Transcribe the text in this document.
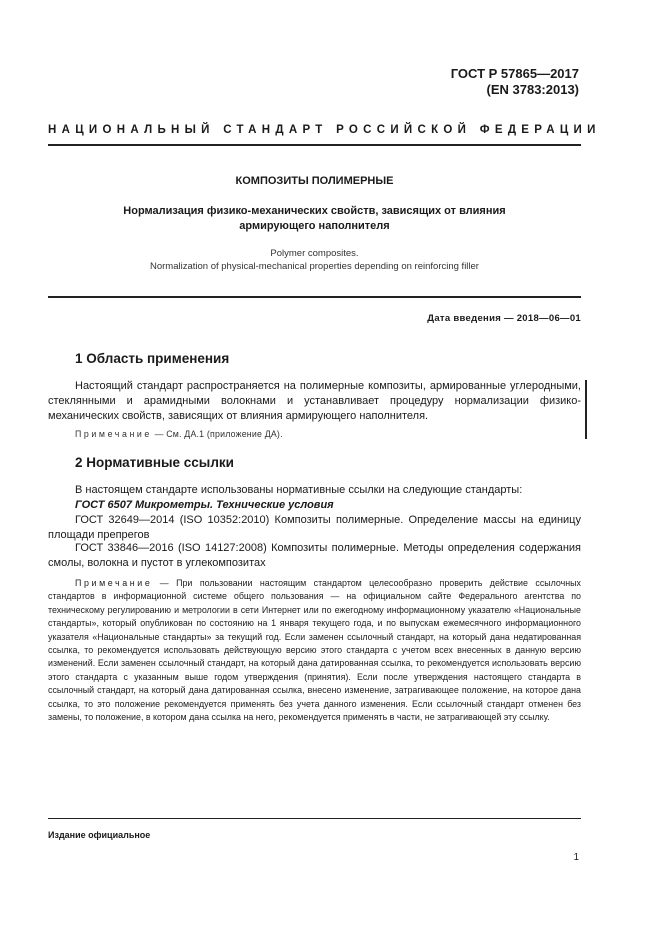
ГОСТ Р 57865—2017
(EN 3783:2013)
НАЦИОНАЛЬНЫЙ СТАНДАРТ РОССИЙСКОЙ ФЕДЕРАЦИИ
КОМПОЗИТЫ ПОЛИМЕРНЫЕ
Нормализация физико-механических свойств, зависящих от влияния
армирующего наполнителя
Polymer composites.
Normalization of physical-mechanical properties depending on reinforcing filler
Дата введения — 2018—06—01
1 Область применения
Настоящий стандарт распространяется на полимерные композиты, армированные углеродными, стеклянными и арамидными волокнами и устанавливает процедуру нормализации физико-механических свойств, зависящих от влияния армирующего наполнителя.
Примечание — См. ДА.1 (приложение ДА).
2 Нормативные ссылки
В настоящем стандарте использованы нормативные ссылки на следующие стандарты:
ГОСТ 6507 Микрометры. Технические условия
ГОСТ 32649—2014 (ISO 10352:2010) Композиты полимерные. Определение массы на единицу площади препрегов
ГОСТ 33846—2016 (ISO 14127:2008) Композиты полимерные. Методы определения содержания смолы, волокна и пустот в углекомпозитах
Примечание — При пользовании настоящим стандартом целесообразно проверить действие ссылочных стандартов в информационной системе общего пользования — на официальном сайте Федерального агентства по техническому регулированию и метрологии в сети Интернет или по ежегодному информационному указателю «Национальные стандарты», который опубликован по состоянию на 1 января текущего года, и по выпускам ежемесячного информационного указателя «Национальные стандарты» за текущий год. Если заменен ссылочный стандарт, на который дана недатированная ссылка, то рекомендуется использовать действующую версию этого стандарта с учетом всех внесенных в данную версию изменений. Если заменен ссылочный стандарт, на который дана датированная ссылка, то рекомендуется использовать версию этого стандарта с указанным выше годом утверждения (принятия). Если после утверждения настоящего стандарта в ссылочный стандарт, на который дана датированная ссылка, внесено изменение, затрагивающее положение, на которое дана ссылка, то это положение рекомендуется применять без учета данного изменения. Если ссылочный стандарт отменен без замены, то положение, в котором дана ссылка на него, рекомендуется применять в части, не затрагивающей эту ссылку.
Издание официальное
1
